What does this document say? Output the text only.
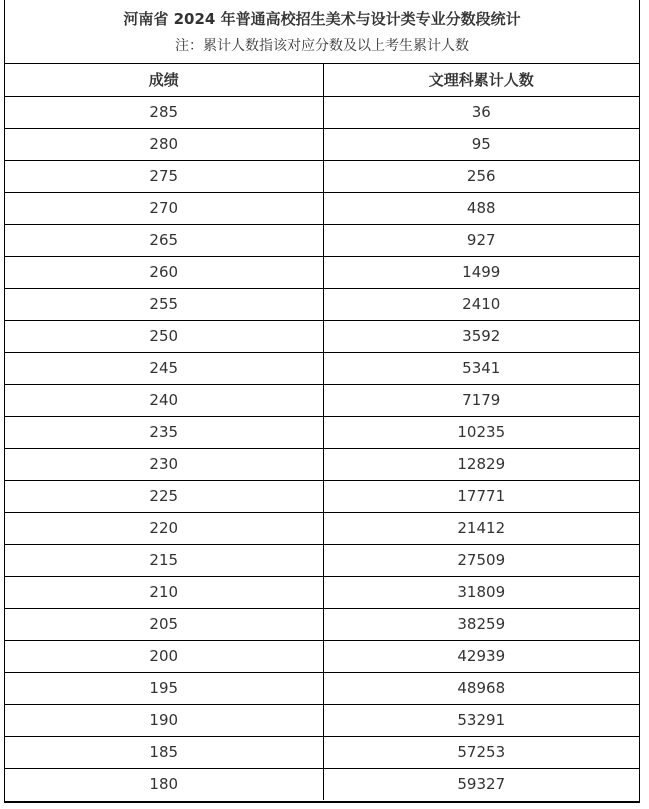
河南省 2024 年普通高校招生美术与设计类专业分数段统计
注：累计人数指该对应分数及以上考生累计人数
成绩	文理科累计人数
285	36
280	95
275	256
270	488
265	927
260	1499
255	2410
250	3592
245	5341
240	7179
235	10235
230	12829
225	17771
220	21412
215	27509
210	31809
205	38259
200	42939
195	48968
190	53291
185	57253
180	59327
